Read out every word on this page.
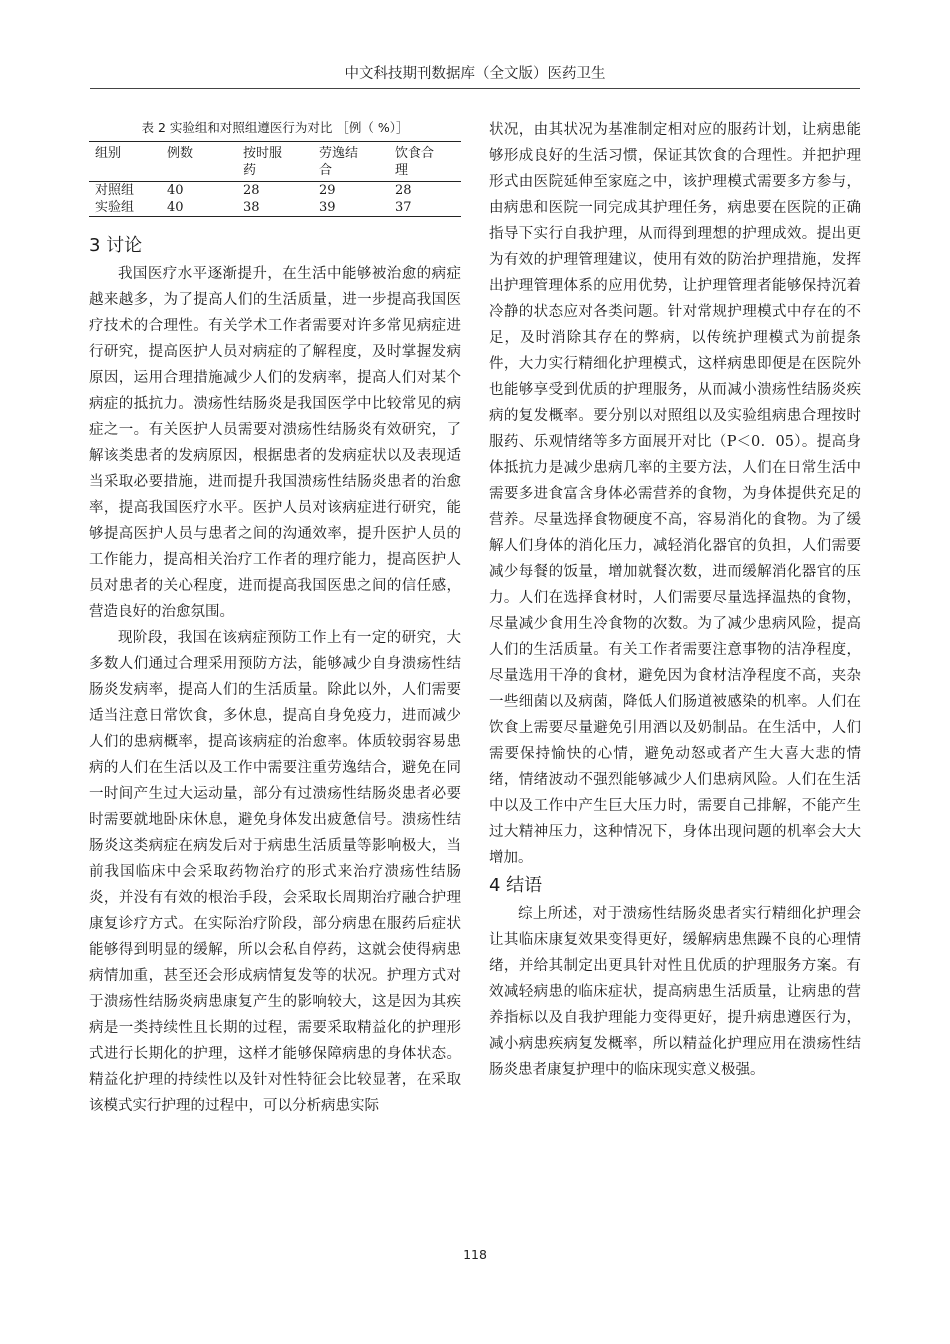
中文科技期刊数据库（全文版）医药卫生
表 2 实验组和对照组遵医行为对比 ［例（ %）］
组别	例数	按时服药	劳逸结合	饮食合理
对照组	40	28	29	28
实验组	40	38	39	37
3 讨论

我国医疗水平逐渐提升，在生活中能够被治愈的病症越来越多，为了提高人们的生活质量，进一步提高我国医疗技术的合理性。有关学术工作者需要对许多常见病症进行研究，提高医护人员对病症的了解程度，及时掌握发病原因，运用合理措施减少人们的发病率，提高人们对某个病症的抵抗力。溃疡性结肠炎是我国医学中比较常见的病症之一。有关医护人员需要对溃疡性结肠炎有效研究，了解该类患者的发病原因，根据患者的发病症状以及表现适当采取必要措施，进而提升我国溃疡性结肠炎患者的治愈率，提高我国医疗水平。医护人员对该病症进行研究，能够提高医护人员与患者之间的沟通效率，提升医护人员的工作能力，提高相关治疗工作者的理疗能力，提高医护人员对患者的关心程度，进而提高我国医患之间的信任感，营造良好的治愈氛围。

现阶段，我国在该病症预防工作上有一定的研究，大多数人们通过合理采用预防方法，能够减少自身溃疡性结肠炎发病率，提高人们的生活质量。除此以外，人们需要适当注意日常饮食，多休息，提高自身免疫力，进而减少人们的患病概率，提高该病症的治愈率。体质较弱容易患病的人们在生活以及工作中需要注重劳逸结合，避免在同一时间产生过大运动量，部分有过溃疡性结肠炎患者必要时需要就地卧床休息，避免身体发出疲惫信号。溃疡性结肠炎这类病症在病发后对于病患生活质量等影响极大，当前我国临床中会采取药物治疗的形式来治疗溃疡性结肠炎，并没有有效的根治手段，会采取长周期治疗融合护理康复诊疗方式。在实际治疗阶段，部分病患在服药后症状能够得到明显的缓解，所以会私自停药，这就会使得病患病情加重，甚至还会形成病情复发等的状况。护理方式对于溃疡性结肠炎病患康复产生的影响较大，这是因为其疾病是一类持续性且长期的过程，需要采取精益化的护理形式进行长期化的护理，这样才能够保障病患的身体状态。精益化护理的持续性以及针对性特征会比较显著，在采取该模式实行护理的过程中，可以分析病患实际

状况，由其状况为基准制定相对应的服药计划，让病患能够形成良好的生活习惯，保证其饮食的合理性。并把护理形式由医院延伸至家庭之中，该护理模式需要多方参与，由病患和医院一同完成其护理任务，病患要在医院的正确指导下实行自我护理，从而得到理想的护理成效。提出更为有效的护理管理建议，使用有效的防治护理措施，发挥出护理管理体系的应用优势，让护理管理者能够保持沉着冷静的状态应对各类问题。针对常规护理模式中存在的不足，及时消除其存在的弊病，以传统护理模式为前提条件，大力实行精细化护理模式，这样病患即便是在医院外也能够享受到优质的护理服务，从而减小溃疡性结肠炎疾病的复发概率。要分别以对照组以及实验组病患合理按时服药、乐观情绪等多方面展开对比（P＜0．05）。提高身体抵抗力是减少患病几率的主要方法，人们在日常生活中需要多进食富含身体必需营养的食物，为身体提供充足的营养。尽量选择食物硬度不高，容易消化的食物。为了缓解人们身体的消化压力，减轻消化器官的负担，人们需要减少每餐的饭量，增加就餐次数，进而缓解消化器官的压力。人们在选择食材时，人们需要尽量选择温热的食物，尽量减少食用生冷食物的次数。为了减少患病风险，提高人们的生活质量。有关工作者需要注意事物的洁净程度，尽量选用干净的食材，避免因为食材洁净程度不高，夹杂一些细菌以及病菌，降低人们肠道被感染的机率。人们在饮食上需要尽量避免引用酒以及奶制品。在生活中，人们需要保持愉快的心情，避免动怒或者产生大喜大悲的情绪，情绪波动不强烈能够减少人们患病风险。人们在生活中以及工作中产生巨大压力时，需要自己排解，不能产生过大精神压力，这种情况下，身体出现问题的机率会大大增加。

4 结语

综上所述，对于溃疡性结肠炎患者实行精细化护理会让其临床康复效果变得更好，缓解病患焦躁不良的心理情绪，并给其制定出更具针对性且优质的护理服务方案。有效减轻病患的临床症状，提高病患生活质量，让病患的营养指标以及自我护理能力变得更好，提升病患遵医行为，减小病患疾病复发概率，所以精益化护理应用在溃疡性结肠炎患者康复护理中的临床现实意义极强。

118
